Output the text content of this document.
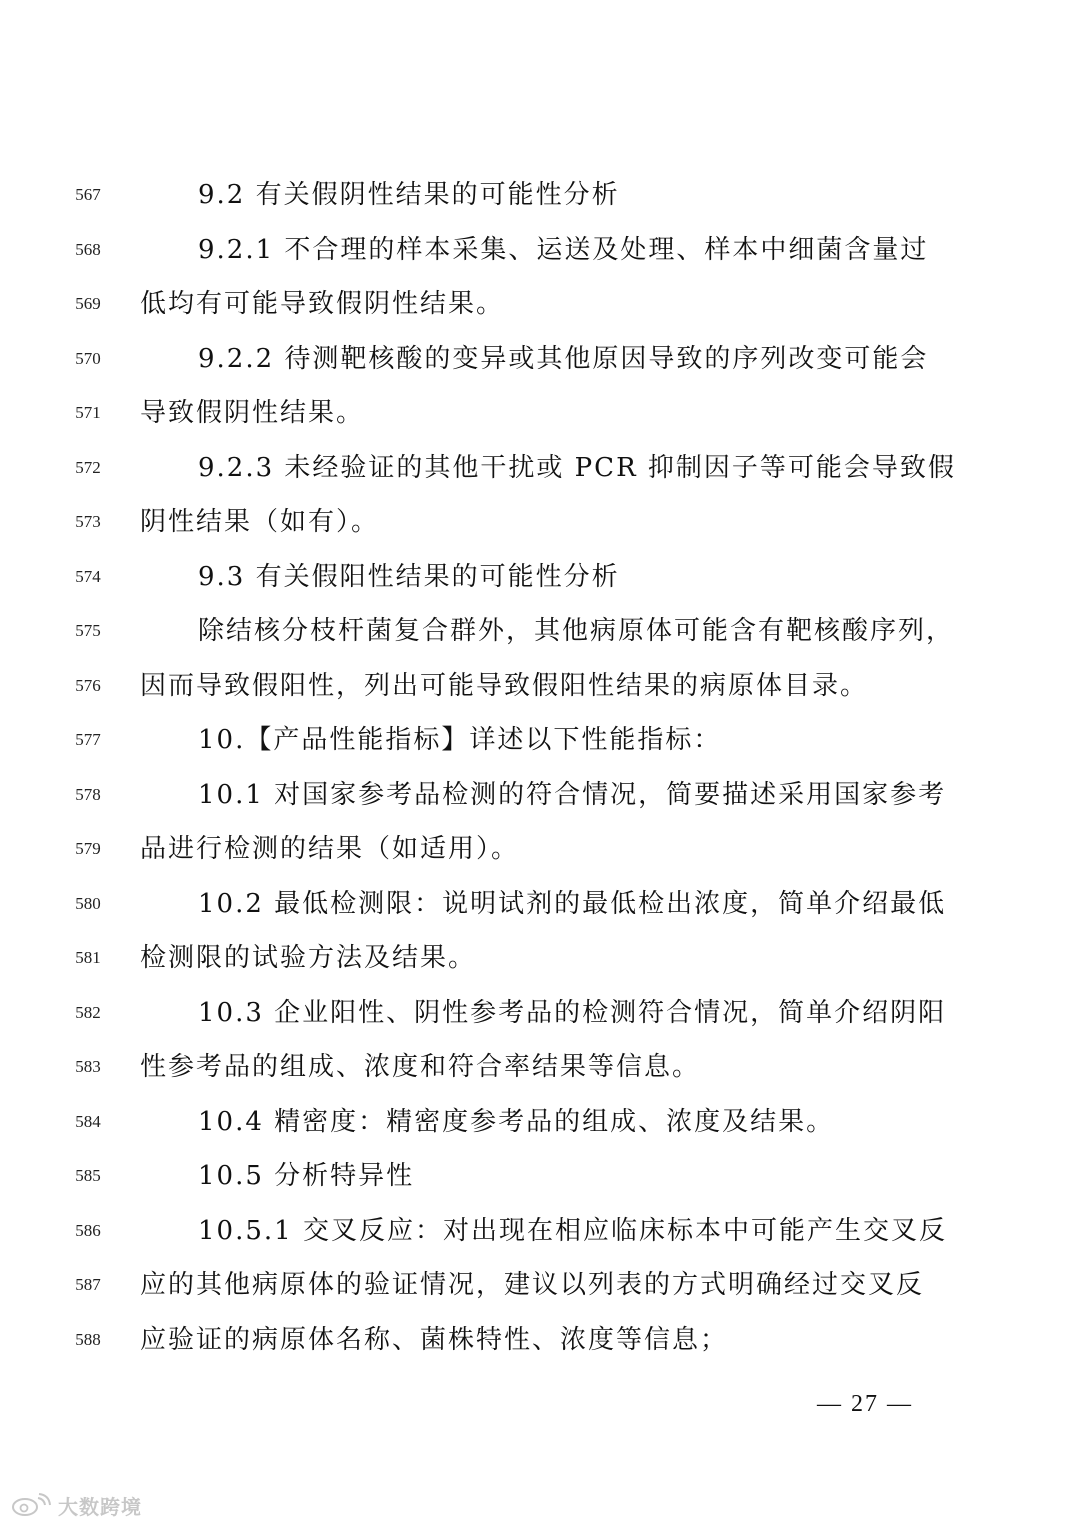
567	9.2 有关假阴性结果的可能性分析
568	9.2.1 不合理的样本采集、运送及处理、样本中细菌含量过
569	低均有可能导致假阴性结果。
570	9.2.2 待测靶核酸的变异或其他原因导致的序列改变可能会
571	导致假阴性结果。
572	9.2.3 未经验证的其他干扰或 PCR 抑制因子等可能会导致假
573	阴性结果（如有）。
574	9.3 有关假阳性结果的可能性分析
575	除结核分枝杆菌复合群外，其他病原体可能含有靶核酸序列，
576	因而导致假阳性，列出可能导致假阳性结果的病原体目录。
577	10.【产品性能指标】详述以下性能指标：
578	10.1 对国家参考品检测的符合情况，简要描述采用国家参考
579	品进行检测的结果（如适用）。
580	10.2 最低检测限：说明试剂的最低检出浓度，简单介绍最低
581	检测限的试验方法及结果。
582	10.3 企业阳性、阴性参考品的检测符合情况，简单介绍阴阳
583	性参考品的组成、浓度和符合率结果等信息。
584	10.4 精密度：精密度参考品的组成、浓度及结果。
585	10.5 分析特异性
586	10.5.1 交叉反应：对出现在相应临床标本中可能产生交叉反
587	应的其他病原体的验证情况，建议以列表的方式明确经过交叉反
588	应验证的病原体名称、菌株特性、浓度等信息；
— 27 —
大数跨境
